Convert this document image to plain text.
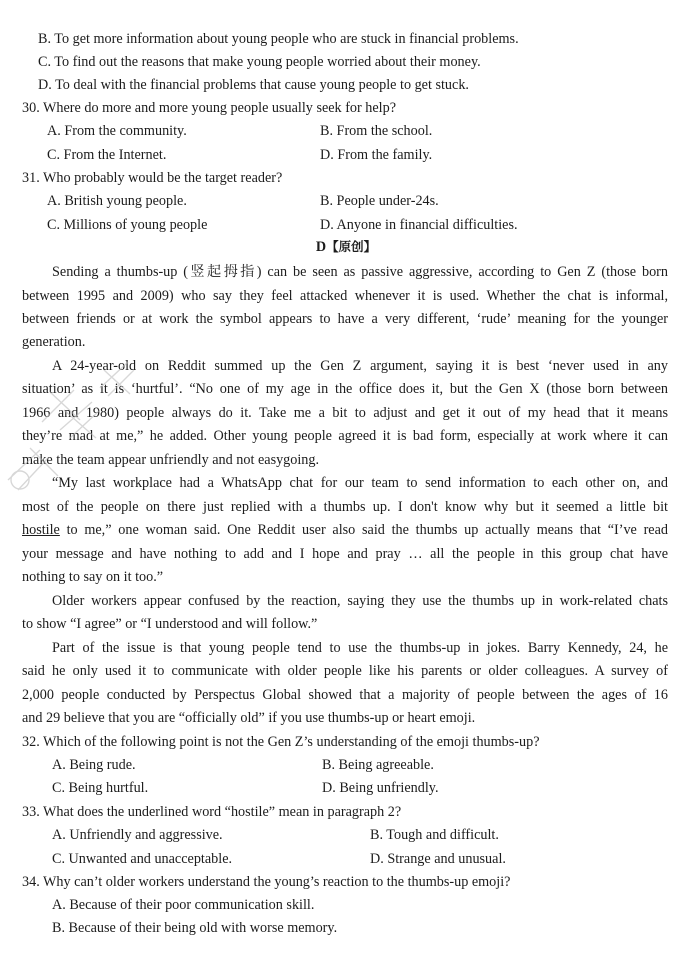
B. To get more information about young people who are stuck in financial problems.
C. To find out the reasons that make young people worried about their money.
D. To deal with the financial problems that cause young people to get stuck.
30. Where do more and more young people usually seek for help?
A. From the community.	B. From the school.
C. From the Internet.	D. From the family.
31. Who probably would be the target reader?
A. British young people.	B. People under-24s.
C. Millions of young people	D. Anyone in financial difficulties.
D【原创】
Sending a thumbs-up (竖起拇指) can be seen as passive aggressive, according to Gen Z (those born
between 1995 and 2009) who say they feel attacked whenever it is used. Whether the chat is informal,
between friends or at work the symbol appears to have a very different, ‘rude’ meaning for the younger
generation.
A 24-year-old on Reddit summed up the Gen Z argument, saying it is best ‘never used in any
situation’ as it is ‘hurtful’. “No one of my age in the office does it, but the Gen X (those born between
1966 and 1980) people always do it. Take me a bit to adjust and get it out of my head that it means
they’re mad at me,” he added. Other young people agreed it is bad form, especially at work where it can
make the team appear unfriendly and not easygoing.
“My last workplace had a WhatsApp chat for our team to send information to each other on, and
most of the people on there just replied with a thumbs up. I don't know why but it seemed a little bit
hostile to me,” one woman said. One Reddit user also said the thumbs up actually means that “I’ve read
your message and have nothing to add and I hope and pray … all the people in this group chat have
nothing to say on it too.”
Older workers appear confused by the reaction, saying they use the thumbs up in work-related chats
to show “I agree” or “I understood and will follow.”
Part of the issue is that young people tend to use the thumbs-up in jokes. Barry Kennedy, 24, he
said he only used it to communicate with older people like his parents or older colleagues. A survey of
2,000 people conducted by Perspectus Global showed that a majority of people between the ages of 16
and 29 believe that you are “officially old” if you use thumbs-up or heart emoji.
32. Which of the following point is not the Gen Z’s understanding of the emoji thumbs-up?
A. Being rude.	B. Being agreeable.
C. Being hurtful.	D. Being unfriendly.
33. What does the underlined word “hostile” mean in paragraph 2?
A. Unfriendly and aggressive.	B. Tough and difficult.
C. Unwanted and unacceptable.	D. Strange and unusual.
34. Why can’t older workers understand the young’s reaction to the thumbs-up emoji?
A. Because of their poor communication skill.
B. Because of their being old with worse memory.
